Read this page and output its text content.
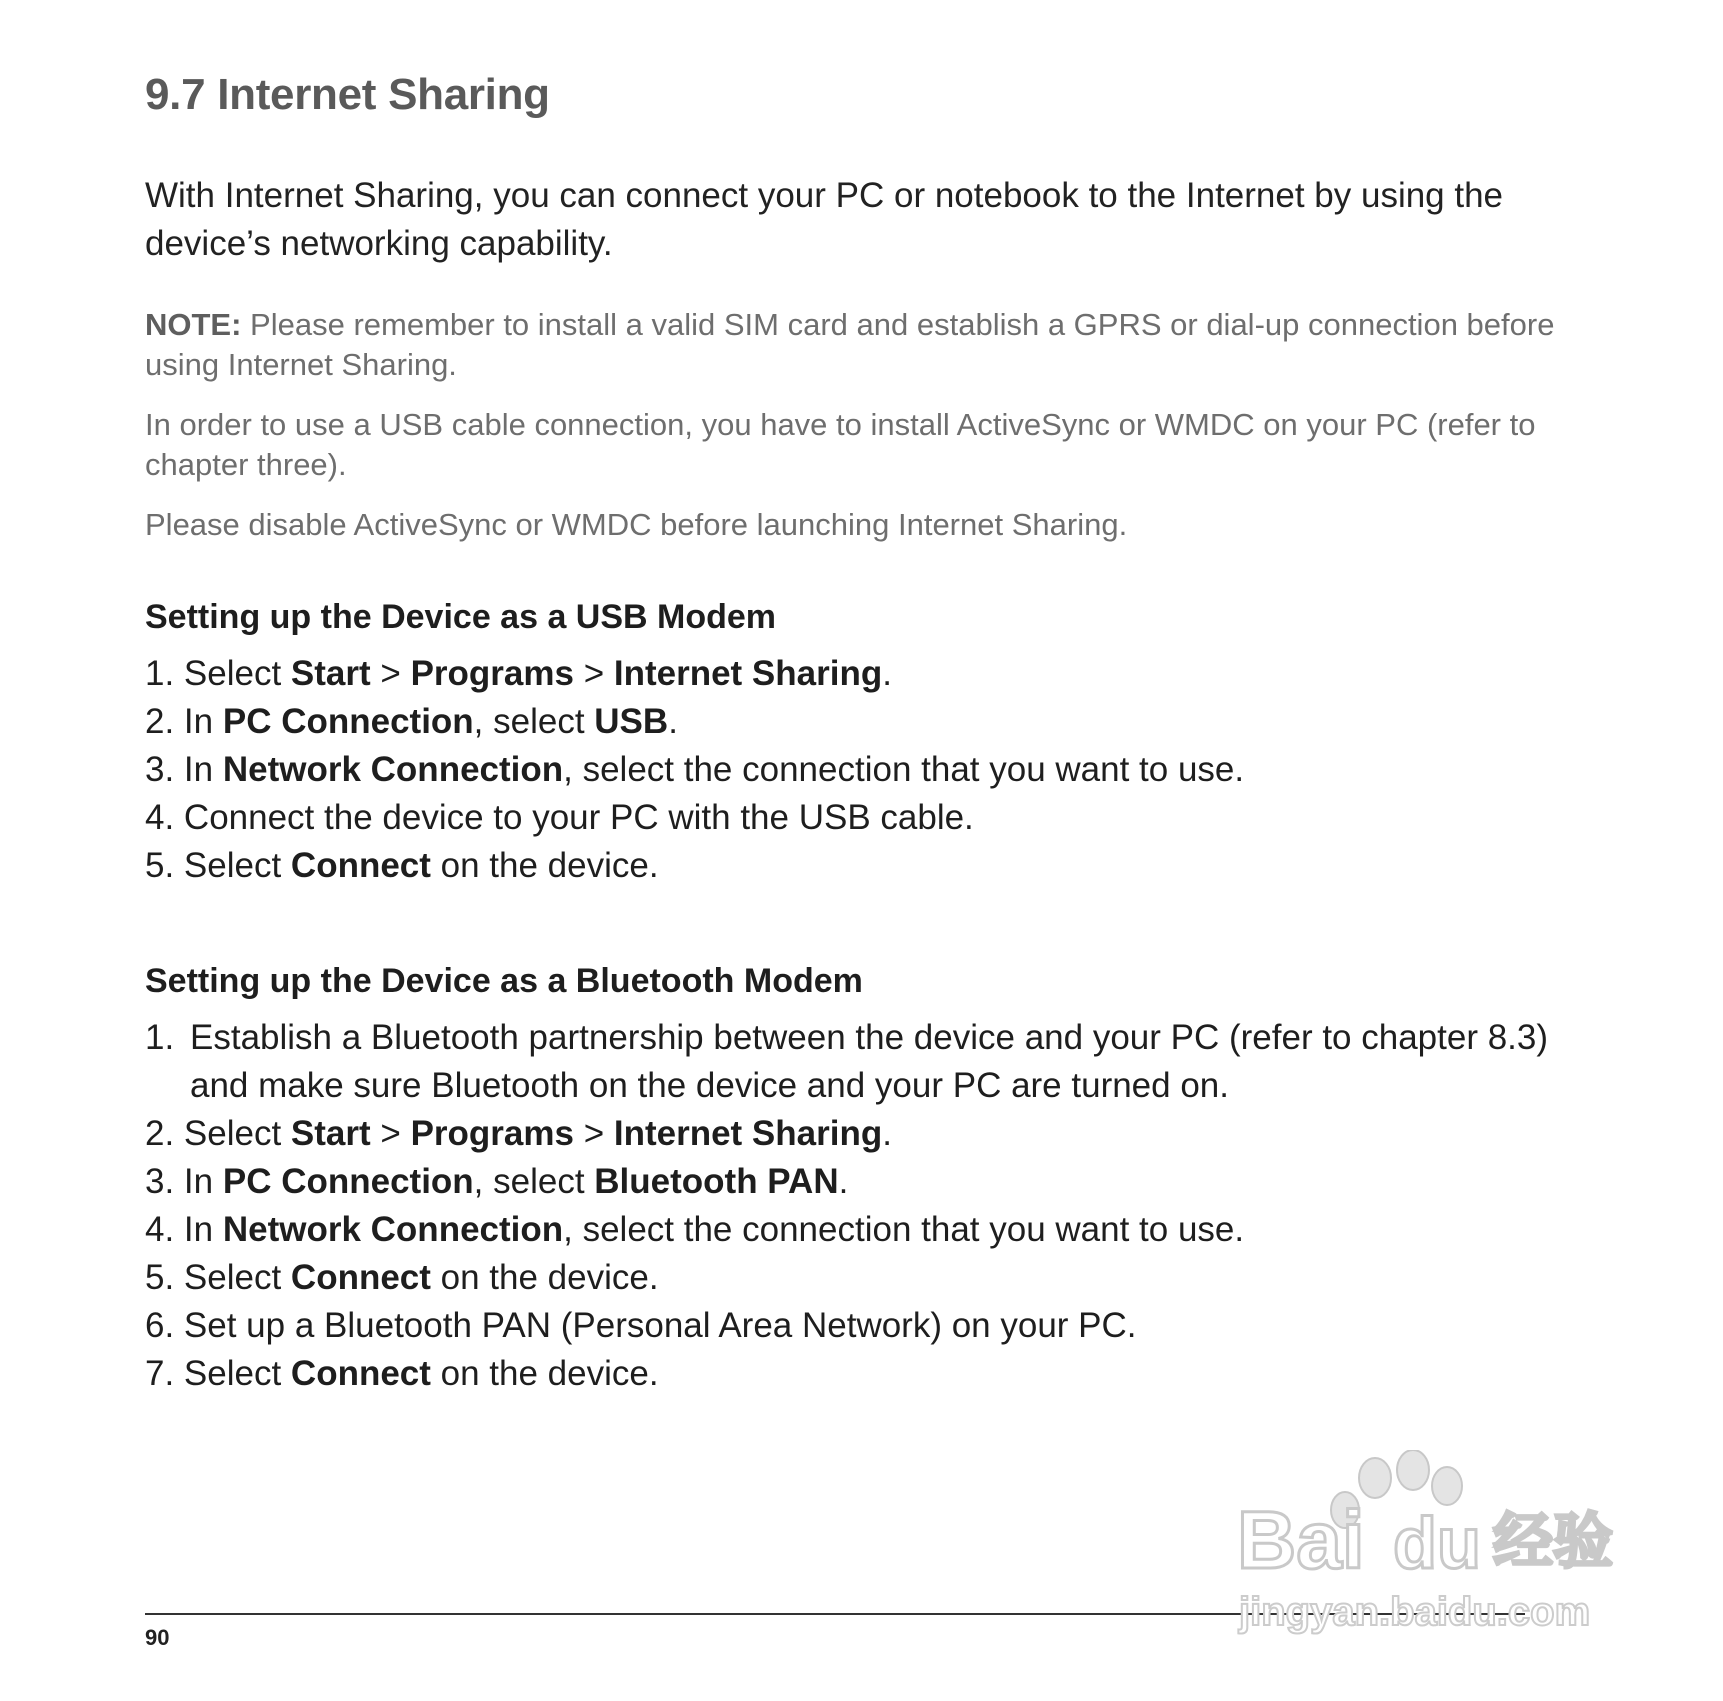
9.7 Internet Sharing

With Internet Sharing, you can connect your PC or notebook to the Internet by using the device’s networking capability.

NOTE: Please remember to install a valid SIM card and establish a GPRS or dial-up connection before using Internet Sharing.

In order to use a USB cable connection, you have to install ActiveSync or WMDC on your PC (refer to chapter three).

Please disable ActiveSync or WMDC before launching Internet Sharing.

Setting up the Device as a USB Modem
1. Select Start > Programs > Internet Sharing.
2. In PC Connection, select USB.
3. In Network Connection, select the connection that you want to use.
4. Connect the device to your PC with the USB cable.
5. Select Connect on the device.
Setting up the Device as a Bluetooth Modem
1. Establish a Bluetooth partnership between the device and your PC (refer to chapter 8.3) and make sure Bluetooth on the device and your PC are turned on.
2. Select Start > Programs > Internet Sharing.
3. In PC Connection, select Bluetooth PAN.
4. In Network Connection, select the connection that you want to use.
5. Select Connect on the device.
6. Set up a Bluetooth PAN (Personal Area Network) on your PC.
7. Select Connect on the device.
90
Bai du 经验
jingyan.baidu.com
